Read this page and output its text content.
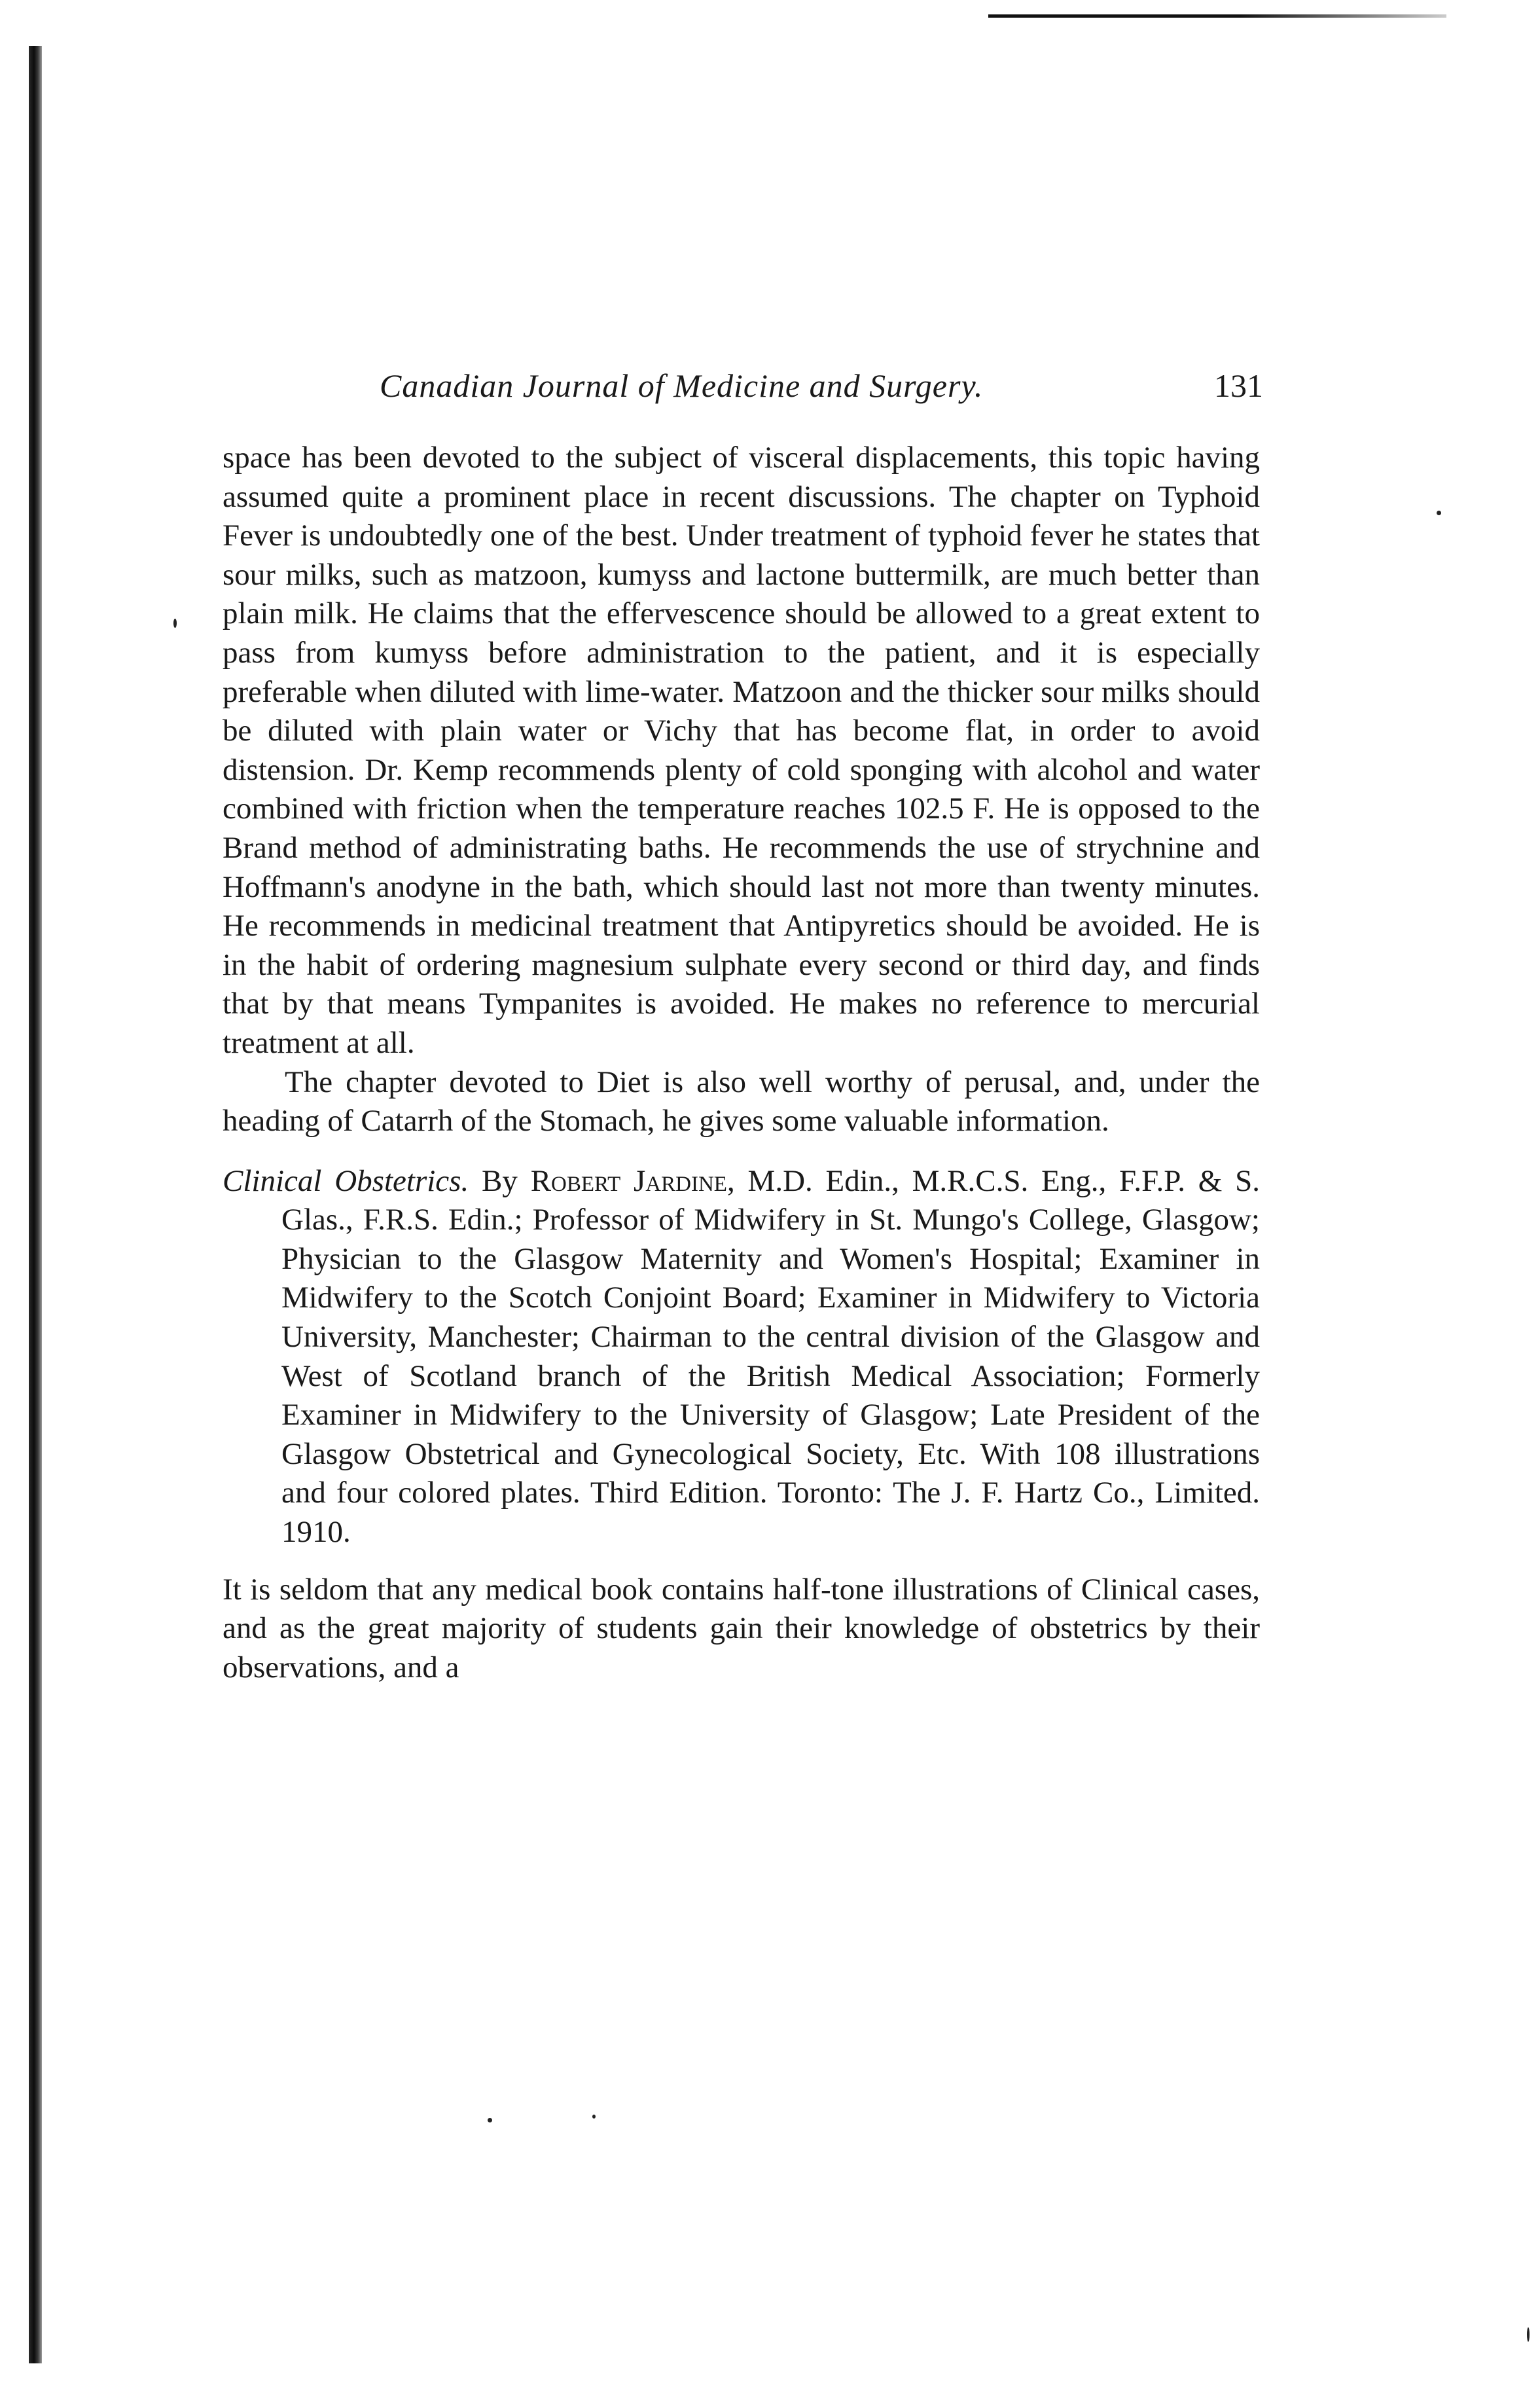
Canadian Journal of Medicine and Surgery.	131

space has been devoted to the subject of visceral displacements, this topic having assumed quite a prominent place in recent discussions. The chapter on Typhoid Fever is undoubtedly one of the best. Under treatment of typhoid fever he states that sour milks, such as matzoon, kumyss and lactone buttermilk, are much better than plain milk. He claims that the effervescence should be allowed to a great extent to pass from kumyss before administration to the patient, and it is especially preferable when diluted with lime-water. Matzoon and the thicker sour milks should be diluted with plain water or Vichy that has become flat, in order to avoid distension. Dr. Kemp recommends plenty of cold sponging with alcohol and water combined with friction when the temperature reaches 102.5 F. He is opposed to the Brand method of administrating baths. He recommends the use of strychnine and Hoffmann's anodyne in the bath, which should last not more than twenty minutes. He recommends in medicinal treatment that Antipyretics should be avoided. He is in the habit of ordering magnesium sulphate every second or third day, and finds that by that means Tympanites is avoided. He makes no reference to mercurial treatment at all.

The chapter devoted to Diet is also well worthy of perusal, and, under the heading of Catarrh of the Stomach, he gives some valuable information.

Clinical Obstetrics. By Robert Jardine, M.D. Edin., M.R.C.S. Eng., F.F.P. & S. Glas., F.R.S. Edin.; Professor of Midwifery in St. Mungo's College, Glasgow; Physician to the Glasgow Maternity and Women's Hospital; Examiner in Midwifery to the Scotch Conjoint Board; Examiner in Midwifery to Victoria University, Manchester; Chairman to the central division of the Glasgow and West of Scotland branch of the British Medical Association; Formerly Examiner in Midwifery to the University of Glasgow; Late President of the Glasgow Obstetrical and Gynecological Society, Etc. With 108 illustrations and four colored plates. Third Edition. Toronto: The J. F. Hartz Co., Limited. 1910.

It is seldom that any medical book contains half-tone illustrations of Clinical cases, and as the great majority of students gain their knowledge of obstetrics by their observations, and a
